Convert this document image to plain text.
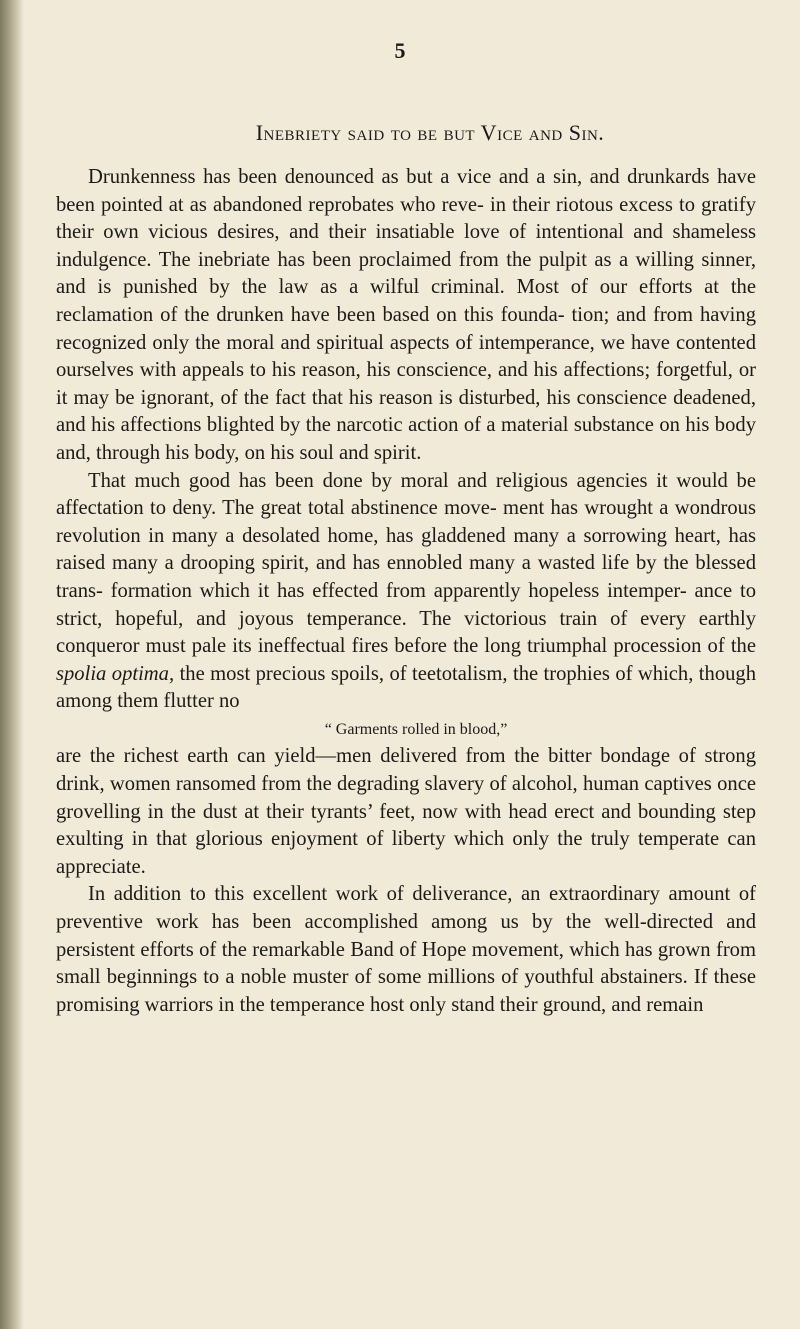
5
Inebriety said to be but Vice and Sin.

Drunkenness has been denounced as but a vice and a sin, and drunkards have been pointed at as abandoned reprobates who reve- in their riotous excess to gratify their own vicious desires, and their insatiable love of intentional and shameless indulgence. The inebriate has been proclaimed from the pulpit as a willing sinner, and is punished by the law as a wilful criminal. Most of our efforts at the reclamation of the drunken have been based on this founda- tion; and from having recognized only the moral and spiritual aspects of intemperance, we have contented ourselves with appeals to his reason, his conscience, and his affections; forgetful, or it may be ignorant, of the fact that his reason is disturbed, his conscience deadened, and his affections blighted by the narcotic action of a material substance on his body and, through his body, on his soul and spirit.

That much good has been done by moral and religious agencies it would be affectation to deny. The great total abstinence move- ment has wrought a wondrous revolution in many a desolated home, has gladdened many a sorrowing heart, has raised many a drooping spirit, and has ennobled many a wasted life by the blessed trans- formation which it has effected from apparently hopeless intemper- ance to strict, hopeful, and joyous temperance. The victorious train of every earthly conqueror must pale its ineffectual fires before the long triumphal procession of the spolia optima, the most precious spoils, of teetotalism, the trophies of which, though among them flutter no

“ Garments rolled in blood,”

are the richest earth can yield—men delivered from the bitter bondage of strong drink, women ransomed from the degrading slavery of alcohol, human captives once grovelling in the dust at their tyrants’ feet, now with head erect and bounding step exulting in that glorious enjoyment of liberty which only the truly temperate can appreciate.

In addition to this excellent work of deliverance, an extraordinary amount of preventive work has been accomplished among us by the well-directed and persistent efforts of the remarkable Band of Hope movement, which has grown from small beginnings to a noble muster of some millions of youthful abstainers. If these promising warriors in the temperance host only stand their ground, and remain
